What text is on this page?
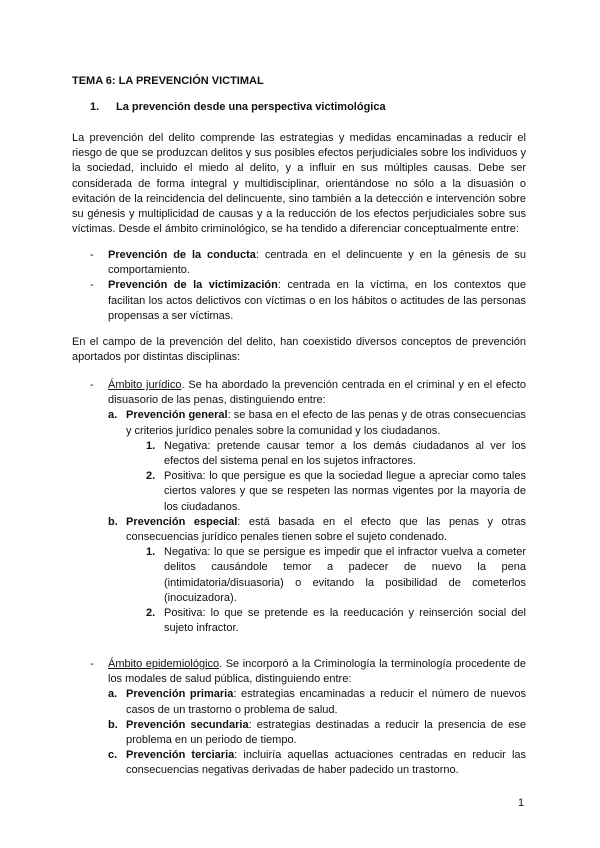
TEMA 6: LA PREVENCIÓN VICTIMAL
1. La prevención desde una perspectiva victimológica

La prevención del delito comprende las estrategias y medidas encaminadas a reducir el riesgo de que se produzcan delitos y sus posibles efectos perjudiciales sobre los individuos y la sociedad, incluido el miedo al delito, y a influir en sus múltiples causas. Debe ser considerada de forma integral y multidisciplinar, orientándose no sólo a la disuasión o evitación de la reincidencia del delincuente, sino también a la detección e intervención sobre su génesis y multiplicidad de causas y a la reducción de los efectos perjudiciales sobre sus víctimas. Desde el ámbito criminológico, se ha tendido a diferenciar conceptualmente entre:

- Prevención de la conducta: centrada en el delincuente y en la génesis de su comportamiento.
- Prevención de la victimización: centrada en la víctima, en los contextos que facilitan los actos delictivos con víctimas o en los hábitos o actitudes de las personas propensas a ser víctimas.

En el campo de la prevención del delito, han coexistido diversos conceptos de prevención aportados por distintas disciplinas:

- Ámbito jurídico. Se ha abordado la prevención centrada en el criminal y en el efecto disuasorio de las penas, distinguiendo entre:
a. Prevención general: se basa en el efecto de las penas y de otras consecuencias y criterios jurídico penales sobre la comunidad y los ciudadanos.
1. Negativa: pretende causar temor a los demás ciudadanos al ver los efectos del sistema penal en los sujetos infractores.
2. Positiva: lo que persigue es que la sociedad llegue a apreciar como tales ciertos valores y que se respeten las normas vigentes por la mayoría de los ciudadanos.
b. Prevención especial: está basada en el efecto que las penas y otras consecuencias jurídico penales tienen sobre el sujeto condenado.
1. Negativa: lo que se persigue es impedir que el infractor vuelva a cometer delitos causándole temor a padecer de nuevo la pena (intimidatoria/disuasoria) o evitando la posibilidad de cometerlos (inocuizadora).
2. Positiva: lo que se pretende es la reeducación y reinserción social del sujeto infractor.
- Ámbito epidemiológico. Se incorporó a la Criminología la terminología procedente de los modales de salud pública, distinguiendo entre:
a. Prevención primaria: estrategias encaminadas a reducir el número de nuevos casos de un trastorno o problema de salud.
b. Prevención secundaria: estrategias destinadas a reducir la presencia de ese problema en un periodo de tiempo.
c. Prevención terciaria: incluiría aquellas actuaciones centradas en reducir las consecuencias negativas derivadas de haber padecido un trastorno.
1
